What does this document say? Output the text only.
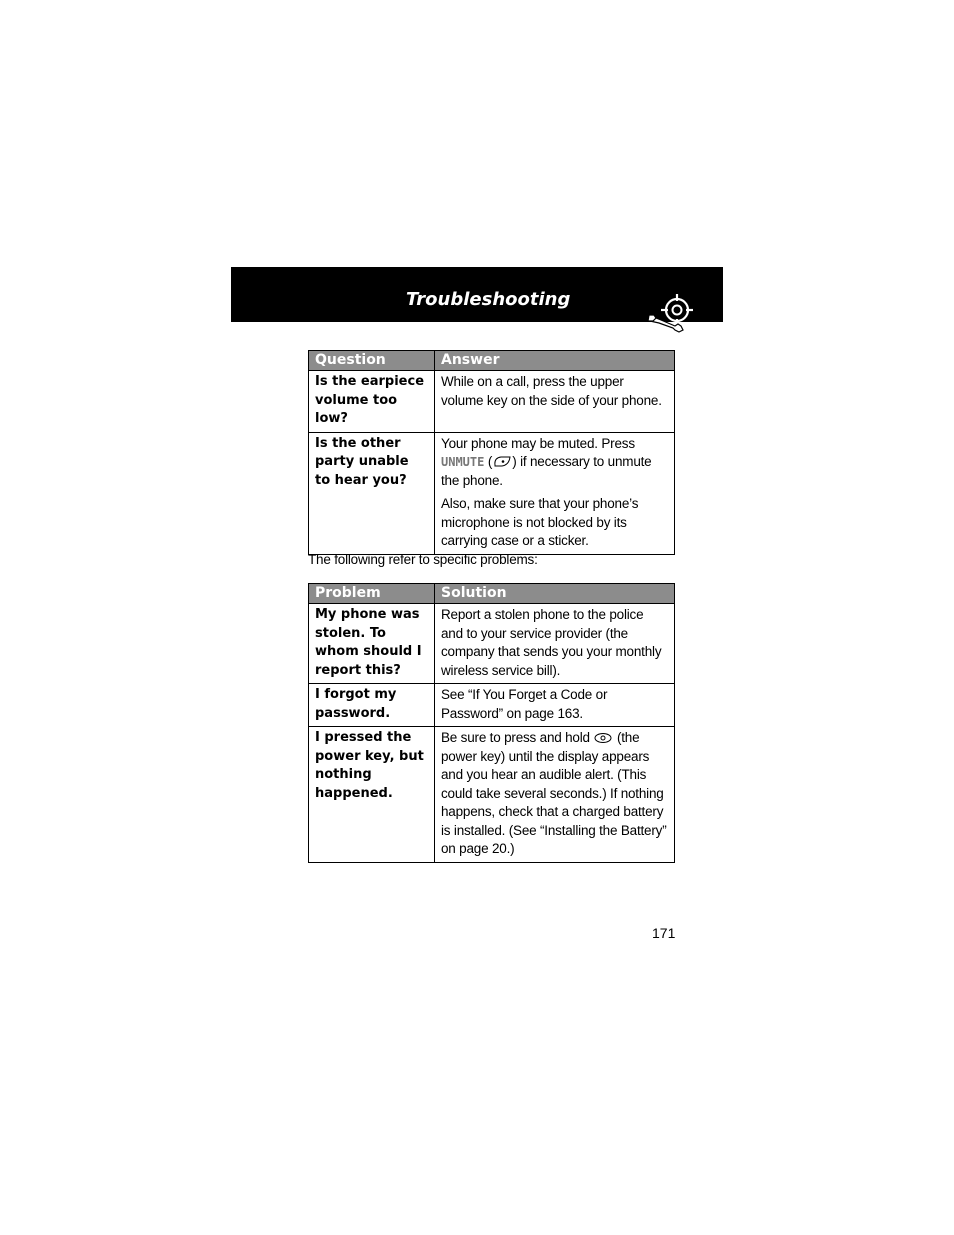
Troubleshooting
Question	Answer
Is the earpiece volume too low?	While on a call, press the upper volume key on the side of your phone.
Is the other party unable to hear you?	Your phone may be muted. Press UNMUTE ( ) if necessary to unmute the phone.

Also, make sure that your phone’s microphone is not blocked by its carrying case or a sticker.

The following refer to specific problems:
Problem	Solution
My phone was stolen. To whom should I report this?	Report a stolen phone to the police and to your service provider (the company that sends you your monthly wireless service bill).
I forgot my password.	See “If You Forget a Code or Password” on page 163.
I pressed the power key, but nothing happened.	Be sure to press and hold  (the power key) until the display appears and you hear an audible alert. (This could take several seconds.) If nothing happens, check that a charged battery is installed. (See “Installing the Battery” on page 20.)
171
